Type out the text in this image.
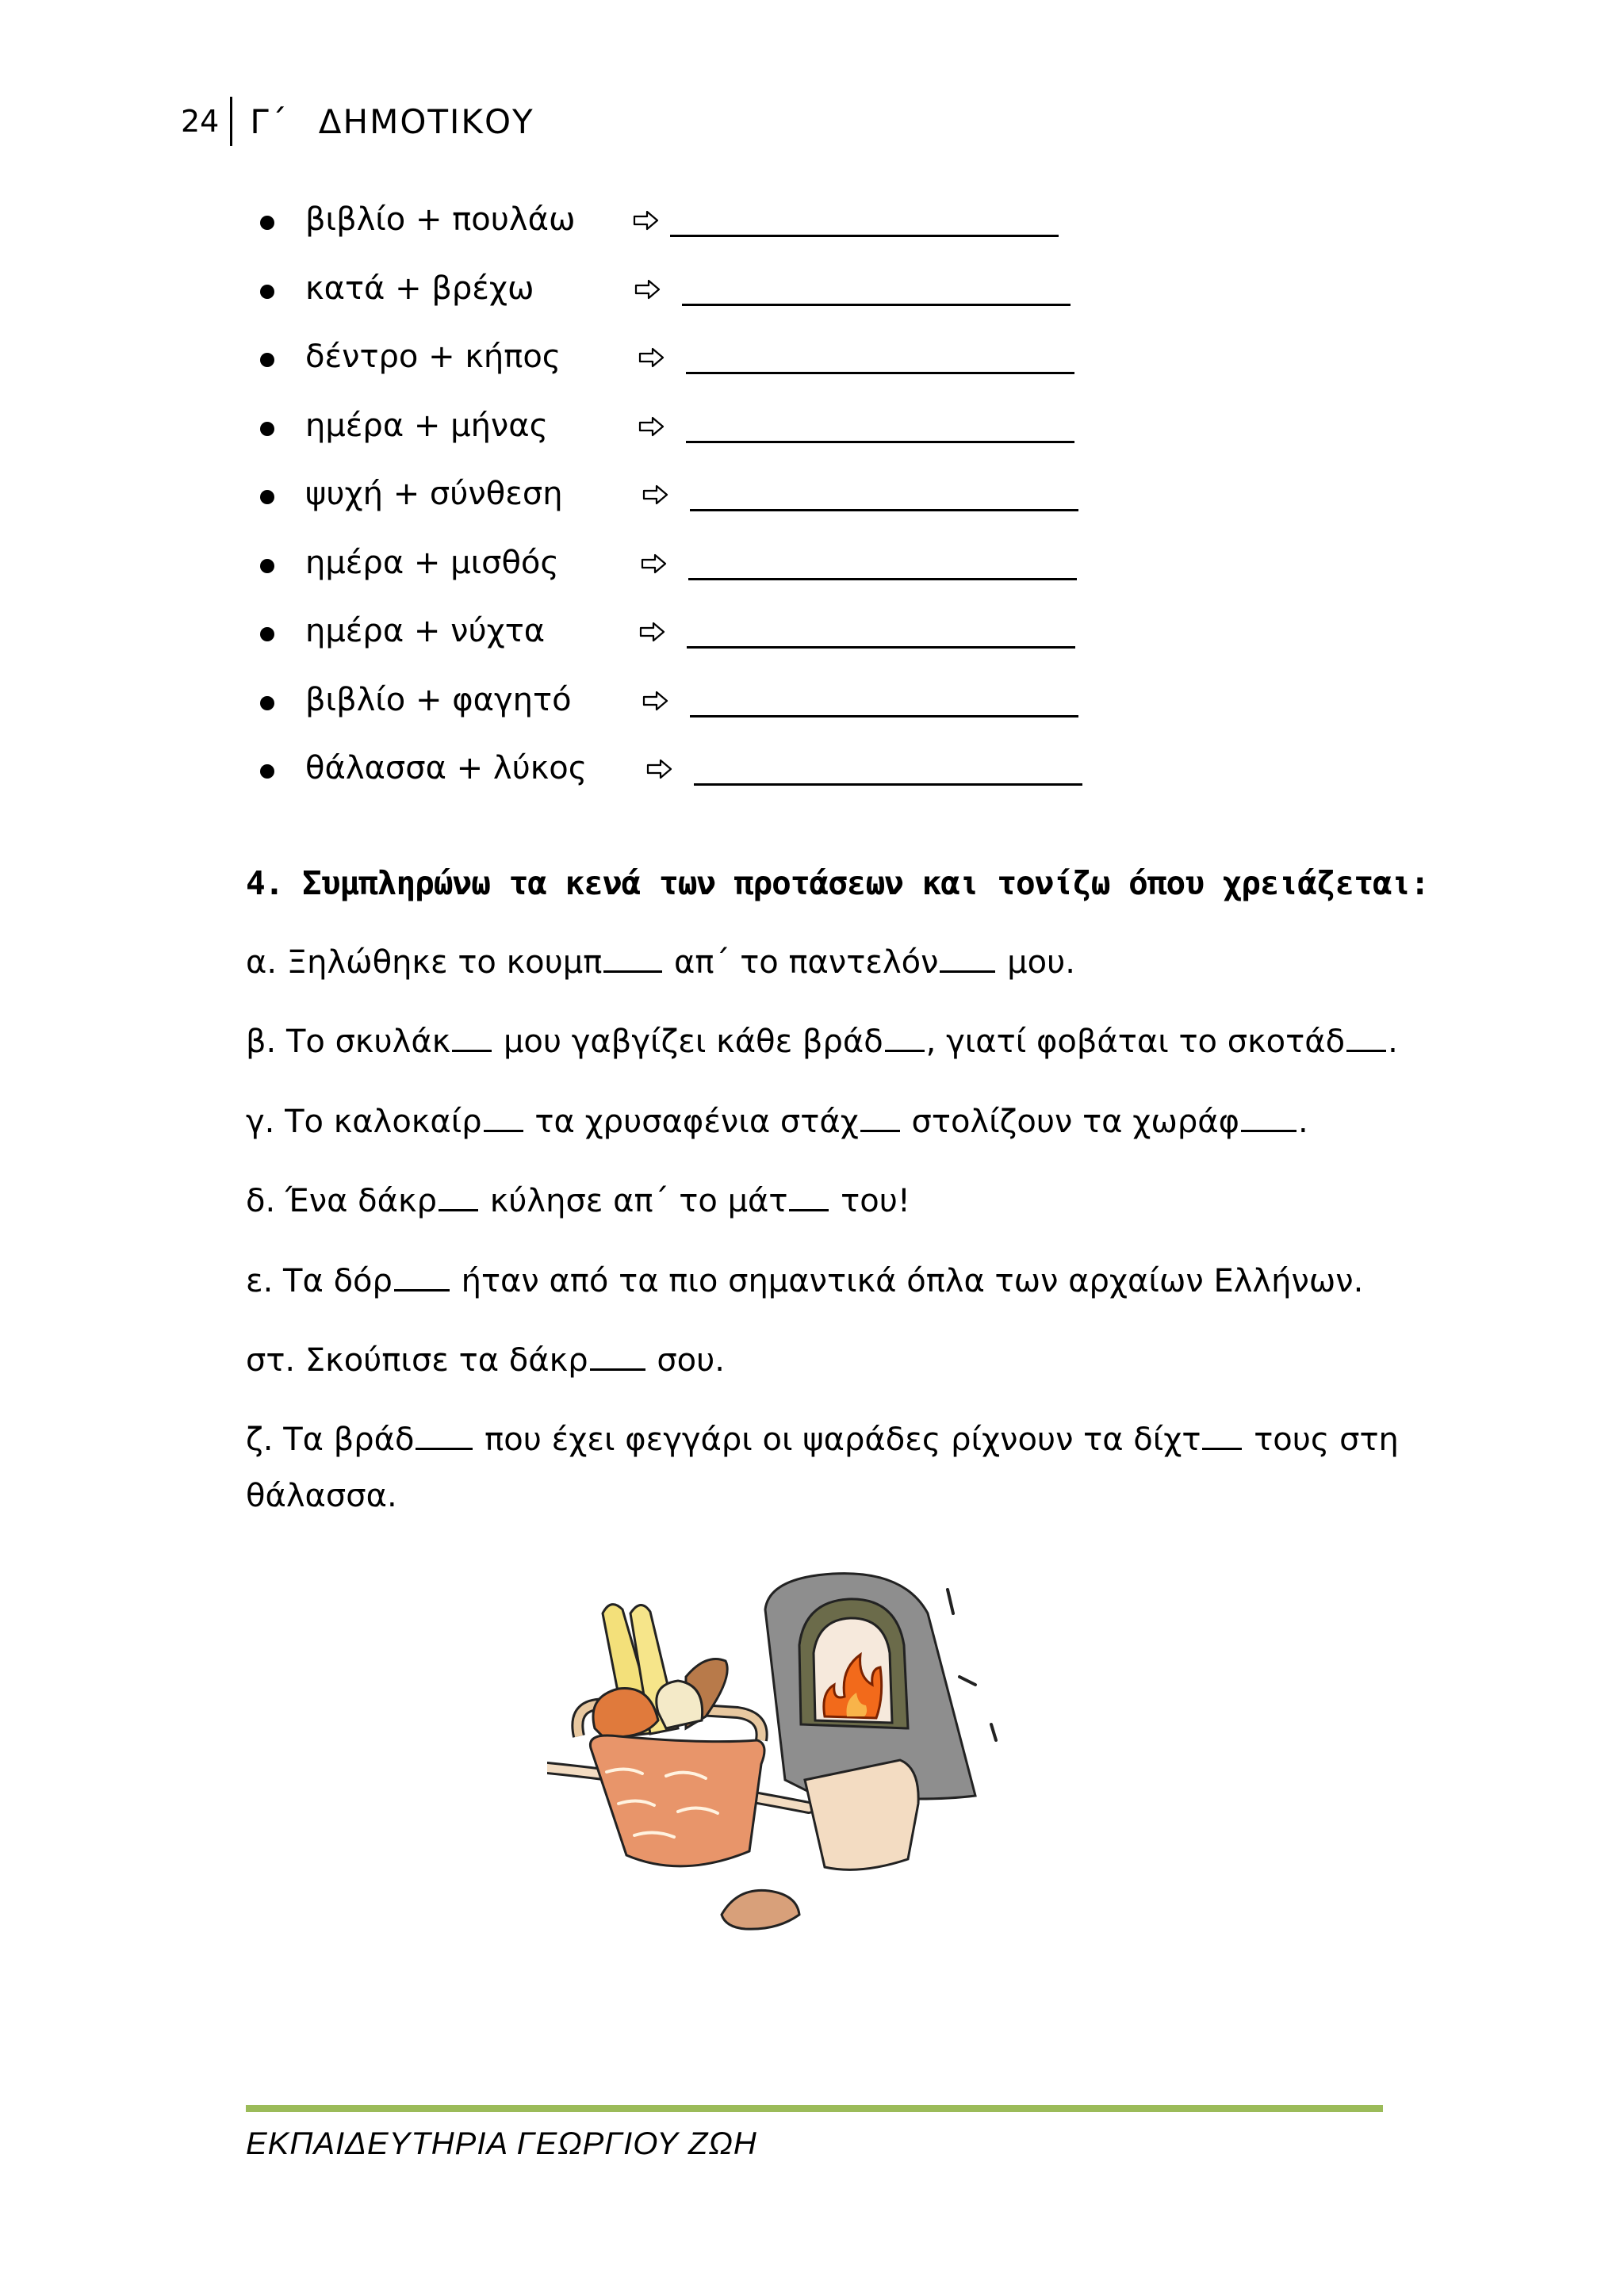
24 Γ΄ ΔΗΜΟΤΙΚΟΥ
βιβλίο + πουλάω
κατά + βρέχω
δέντρο + κήπος
ημέρα + μήνας
ψυχή + σύνθεση
ημέρα + μισθός
ημέρα + νύχτα
βιβλίο + φαγητό
θάλασσα + λύκος
4. Συμπληρώνω τα κενά των προτάσεων και τονίζω όπου χρειάζεται:
α. Ξηλώθηκε το κουμπ απ΄ το παντελόν μου.
β. Το σκυλάκ μου γαβγίζει κάθε βράδ , γιατί φοβάται το σκοτάδ .
γ. Το καλοκαίρ τα χρυσαφένια στάχ στολίζουν τα χωράφ .
δ. Ένα δάκρ κύλησε απ΄ το μάτ του!
ε. Τα δόρ ήταν από τα πιο σημαντικά όπλα των αρχαίων Ελλήνων.
στ. Σκούπισε τα δάκρ σου.
ζ. Τα βράδ που έχει φεγγάρι οι ψαράδες ρίχνουν τα δίχτ τους στη
θάλασσα.
ΕΚΠΑΙΔΕΥΤΗΡΙΑ ΓΕΩΡΓΙΟΥ ΖΩΗ
